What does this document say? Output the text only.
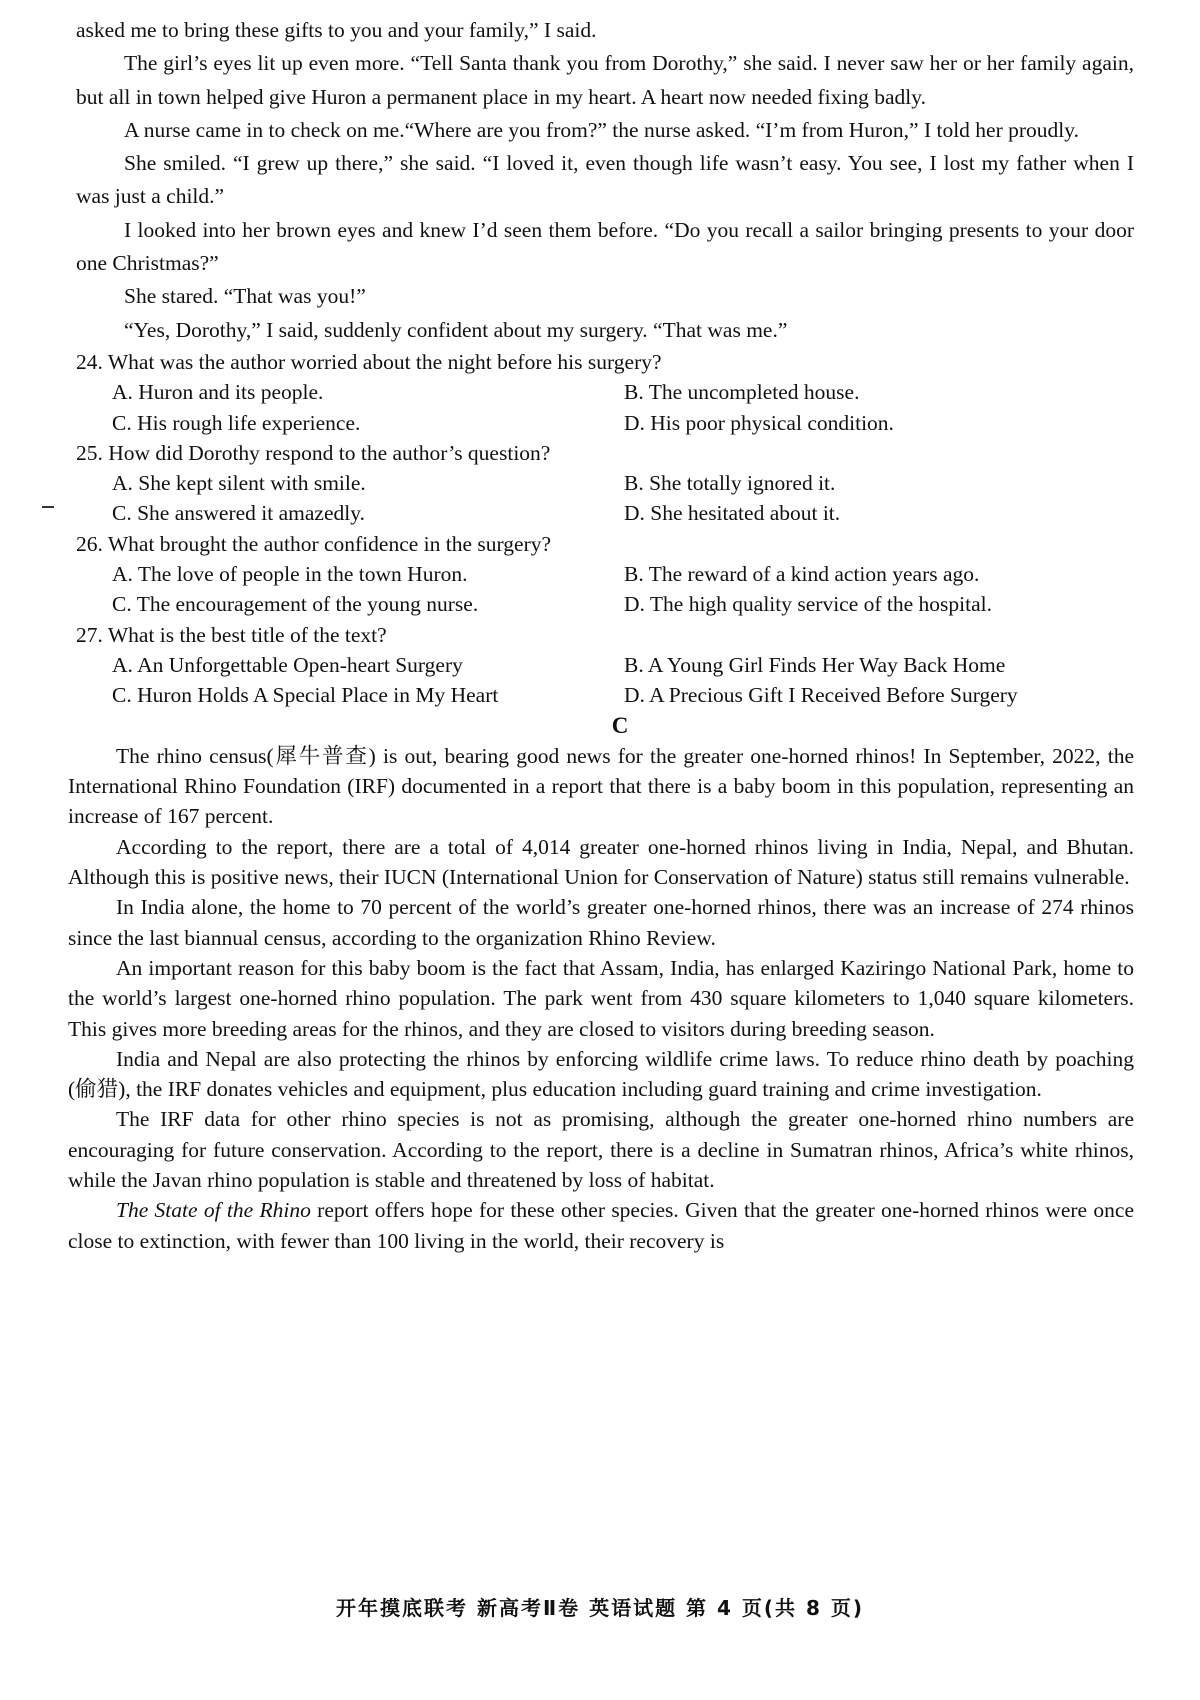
asked me to bring these gifts to you and your family,” I said.

The girl’s eyes lit up even more. “Tell Santa thank you from Dorothy,” she said. I never saw her or her family again, but all in town helped give Huron a permanent place in my heart. A heart now needed fixing badly.

A nurse came in to check on me.“Where are you from?” the nurse asked. “I’m from Huron,” I told her proudly.

She smiled. “I grew up there,” she said. “I loved it, even though life wasn’t easy. You see, I lost my father when I was just a child.”

I looked into her brown eyes and knew I’d seen them before. “Do you recall a sailor bringing presents to your door one Christmas?”

She stared. “That was you!”

“Yes, Dorothy,” I said, suddenly confident about my surgery. “That was me.”

24. What was the author worried about the night before his surgery?

A. Huron and its people.	B. The uncompleted house.
C. His rough life experience.	D. His poor physical condition.

25. How did Dorothy respond to the author’s question?

A. She kept silent with smile.	B. She totally ignored it.
C. She answered it amazedly.	D. She hesitated about it.

26. What brought the author confidence in the surgery?

A. The love of people in the town Huron.	B. The reward of a kind action years ago.
C. The encouragement of the young nurse.	D. The high quality service of the hospital.

27. What is the best title of the text?

A. An Unforgettable Open-heart Surgery	B. A Young Girl Finds Her Way Back Home
C. Huron Holds A Special Place in My Heart	D. A Precious Gift I Received Before Surgery

C

The rhino census(犀牛普查) is out, bearing good news for the greater one-horned rhinos! In September, 2022, the International Rhino Foundation (IRF) documented in a report that there is a baby boom in this population, representing an increase of 167 percent.

According to the report, there are a total of 4,014 greater one-horned rhinos living in India, Nepal, and Bhutan. Although this is positive news, their IUCN (International Union for Conservation of Nature) status still remains vulnerable.

In India alone, the home to 70 percent of the world’s greater one-horned rhinos, there was an increase of 274 rhinos since the last biannual census, according to the organization Rhino Review.

An important reason for this baby boom is the fact that Assam, India, has enlarged Kaziringo National Park, home to the world’s largest one-horned rhino population. The park went from 430 square kilometers to 1,040 square kilometers. This gives more breeding areas for the rhinos, and they are closed to visitors during breeding season.

India and Nepal are also protecting the rhinos by enforcing wildlife crime laws. To reduce rhino death by poaching (偷猎), the IRF donates vehicles and equipment, plus education including guard training and crime investigation.

The IRF data for other rhino species is not as promising, although the greater one-horned rhino numbers are encouraging for future conservation. According to the report, there is a decline in Sumatran rhinos, Africa’s white rhinos, while the Javan rhino population is stable and threatened by loss of habitat.

The State of the Rhino report offers hope for these other species. Given that the greater one-horned rhinos were once close to extinction, with fewer than 100 living in the world, their recovery is

开年摸底联考 新高考Ⅱ卷 英语试题 第 4 页(共 8 页)
